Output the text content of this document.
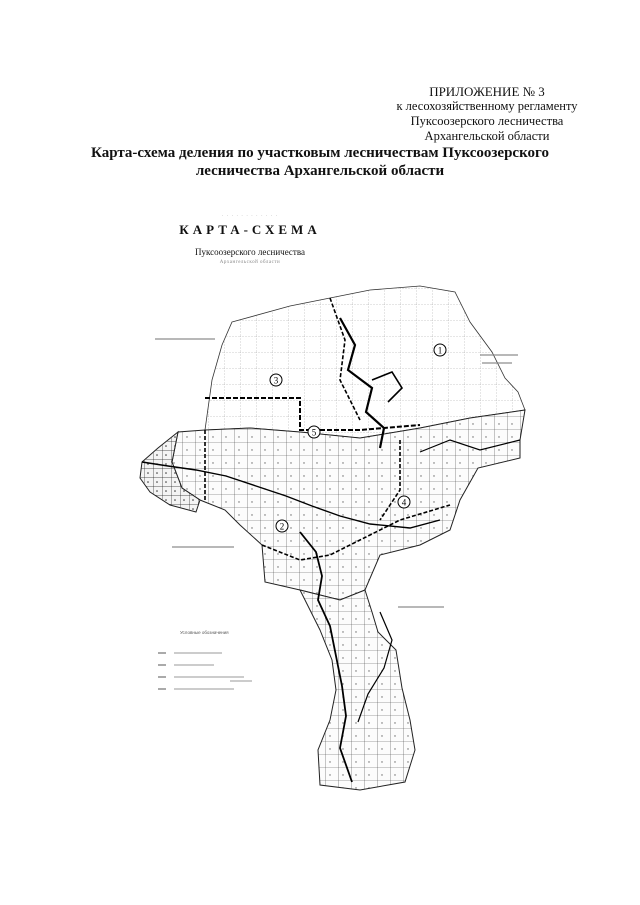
ПРИЛОЖЕНИЕ № 3
к лесохозяйственному регламенту
Пуксоозерского лесничества
Архангельской области
Карта-схема деления по участковым лесничествам Пуксоозерского
лесничества Архангельской области
· · · · · · · · · · · ·
КАРТА-СХЕМА
Пуксоозерского лесничества
Архангельской области
1
2
3
4
5
Условные обозначения
